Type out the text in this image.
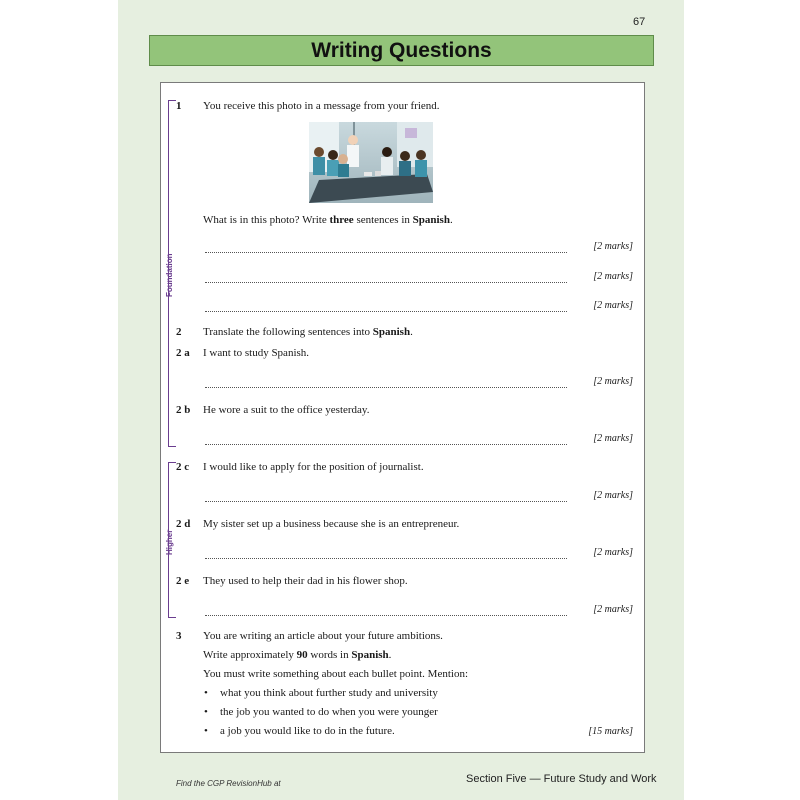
67
Writing Questions
Foundation
Higher
1 You receive this photo in a message from your friend.
What is in this photo? Write three sentences in Spanish.
[2 marks]
[2 marks]
[2 marks]
2 Translate the following sentences into Spanish.
2 a I want to study Spanish.
[2 marks]
2 b He wore a suit to the office yesterday.
[2 marks]
2 c I would like to apply for the position of journalist.
[2 marks]
2 d My sister set up a business because she is an entrepreneur.
[2 marks]
2 e They used to help their dad in his flower shop.
[2 marks]
3 You are writing an article about your future ambitions.
Write approximately 90 words in Spanish.
You must write something about each bullet point. Mention:
• what you think about further study and university
• the job you wanted to do when you were younger
• a job you would like to do in the future.	[15 marks]
Find the CGP RevisionHub at	Section Five — Future Study and Work
